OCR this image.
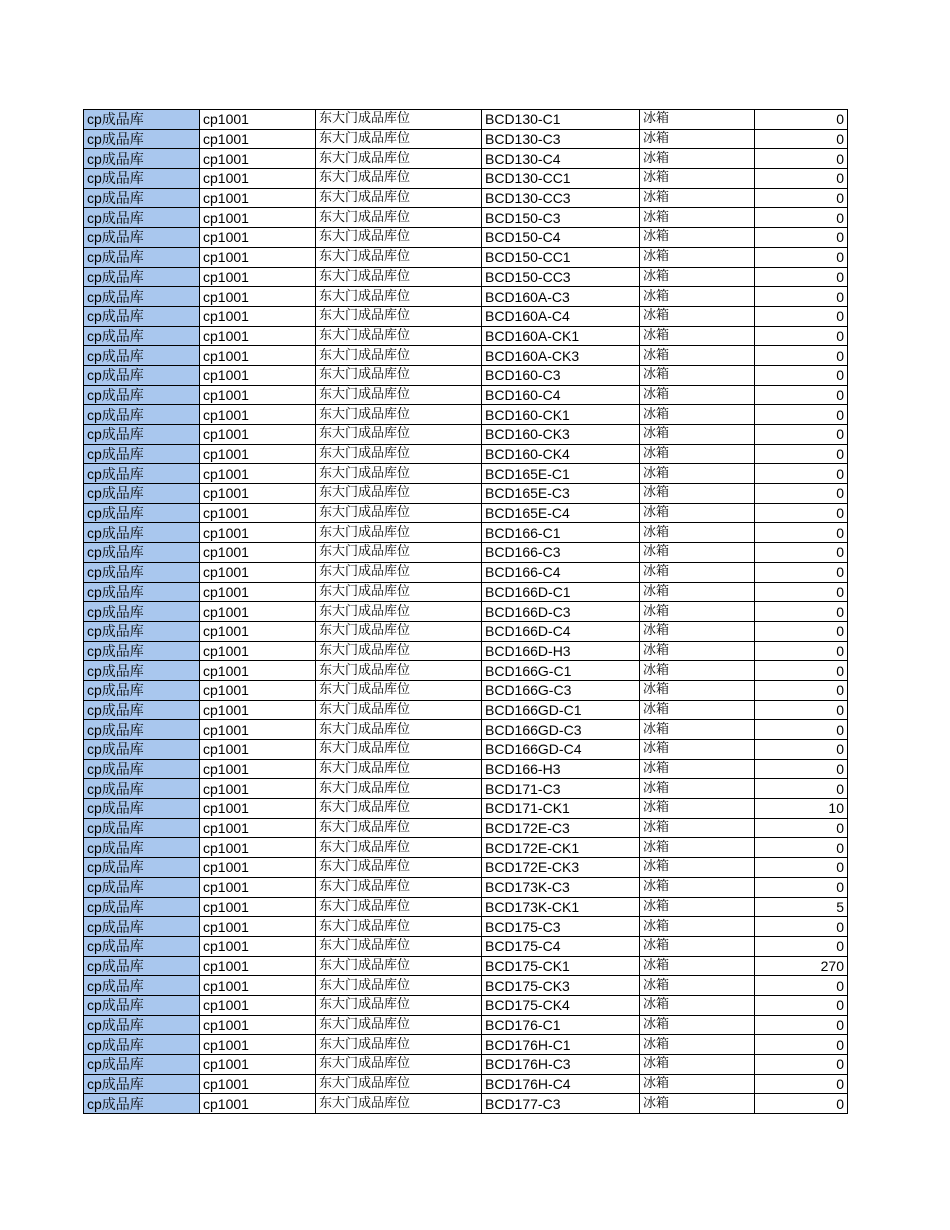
cp成品库	cp1001	东大门成品库位	BCD130-C1	冰箱	0
cp成品库	cp1001	东大门成品库位	BCD130-C3	冰箱	0
cp成品库	cp1001	东大门成品库位	BCD130-C4	冰箱	0
cp成品库	cp1001	东大门成品库位	BCD130-CC1	冰箱	0
cp成品库	cp1001	东大门成品库位	BCD130-CC3	冰箱	0
cp成品库	cp1001	东大门成品库位	BCD150-C3	冰箱	0
cp成品库	cp1001	东大门成品库位	BCD150-C4	冰箱	0
cp成品库	cp1001	东大门成品库位	BCD150-CC1	冰箱	0
cp成品库	cp1001	东大门成品库位	BCD150-CC3	冰箱	0
cp成品库	cp1001	东大门成品库位	BCD160A-C3	冰箱	0
cp成品库	cp1001	东大门成品库位	BCD160A-C4	冰箱	0
cp成品库	cp1001	东大门成品库位	BCD160A-CK1	冰箱	0
cp成品库	cp1001	东大门成品库位	BCD160A-CK3	冰箱	0
cp成品库	cp1001	东大门成品库位	BCD160-C3	冰箱	0
cp成品库	cp1001	东大门成品库位	BCD160-C4	冰箱	0
cp成品库	cp1001	东大门成品库位	BCD160-CK1	冰箱	0
cp成品库	cp1001	东大门成品库位	BCD160-CK3	冰箱	0
cp成品库	cp1001	东大门成品库位	BCD160-CK4	冰箱	0
cp成品库	cp1001	东大门成品库位	BCD165E-C1	冰箱	0
cp成品库	cp1001	东大门成品库位	BCD165E-C3	冰箱	0
cp成品库	cp1001	东大门成品库位	BCD165E-C4	冰箱	0
cp成品库	cp1001	东大门成品库位	BCD166-C1	冰箱	0
cp成品库	cp1001	东大门成品库位	BCD166-C3	冰箱	0
cp成品库	cp1001	东大门成品库位	BCD166-C4	冰箱	0
cp成品库	cp1001	东大门成品库位	BCD166D-C1	冰箱	0
cp成品库	cp1001	东大门成品库位	BCD166D-C3	冰箱	0
cp成品库	cp1001	东大门成品库位	BCD166D-C4	冰箱	0
cp成品库	cp1001	东大门成品库位	BCD166D-H3	冰箱	0
cp成品库	cp1001	东大门成品库位	BCD166G-C1	冰箱	0
cp成品库	cp1001	东大门成品库位	BCD166G-C3	冰箱	0
cp成品库	cp1001	东大门成品库位	BCD166GD-C1	冰箱	0
cp成品库	cp1001	东大门成品库位	BCD166GD-C3	冰箱	0
cp成品库	cp1001	东大门成品库位	BCD166GD-C4	冰箱	0
cp成品库	cp1001	东大门成品库位	BCD166-H3	冰箱	0
cp成品库	cp1001	东大门成品库位	BCD171-C3	冰箱	0
cp成品库	cp1001	东大门成品库位	BCD171-CK1	冰箱	10
cp成品库	cp1001	东大门成品库位	BCD172E-C3	冰箱	0
cp成品库	cp1001	东大门成品库位	BCD172E-CK1	冰箱	0
cp成品库	cp1001	东大门成品库位	BCD172E-CK3	冰箱	0
cp成品库	cp1001	东大门成品库位	BCD173K-C3	冰箱	0
cp成品库	cp1001	东大门成品库位	BCD173K-CK1	冰箱	5
cp成品库	cp1001	东大门成品库位	BCD175-C3	冰箱	0
cp成品库	cp1001	东大门成品库位	BCD175-C4	冰箱	0
cp成品库	cp1001	东大门成品库位	BCD175-CK1	冰箱	270
cp成品库	cp1001	东大门成品库位	BCD175-CK3	冰箱	0
cp成品库	cp1001	东大门成品库位	BCD175-CK4	冰箱	0
cp成品库	cp1001	东大门成品库位	BCD176-C1	冰箱	0
cp成品库	cp1001	东大门成品库位	BCD176H-C1	冰箱	0
cp成品库	cp1001	东大门成品库位	BCD176H-C3	冰箱	0
cp成品库	cp1001	东大门成品库位	BCD176H-C4	冰箱	0
cp成品库	cp1001	东大门成品库位	BCD177-C3	冰箱	0
